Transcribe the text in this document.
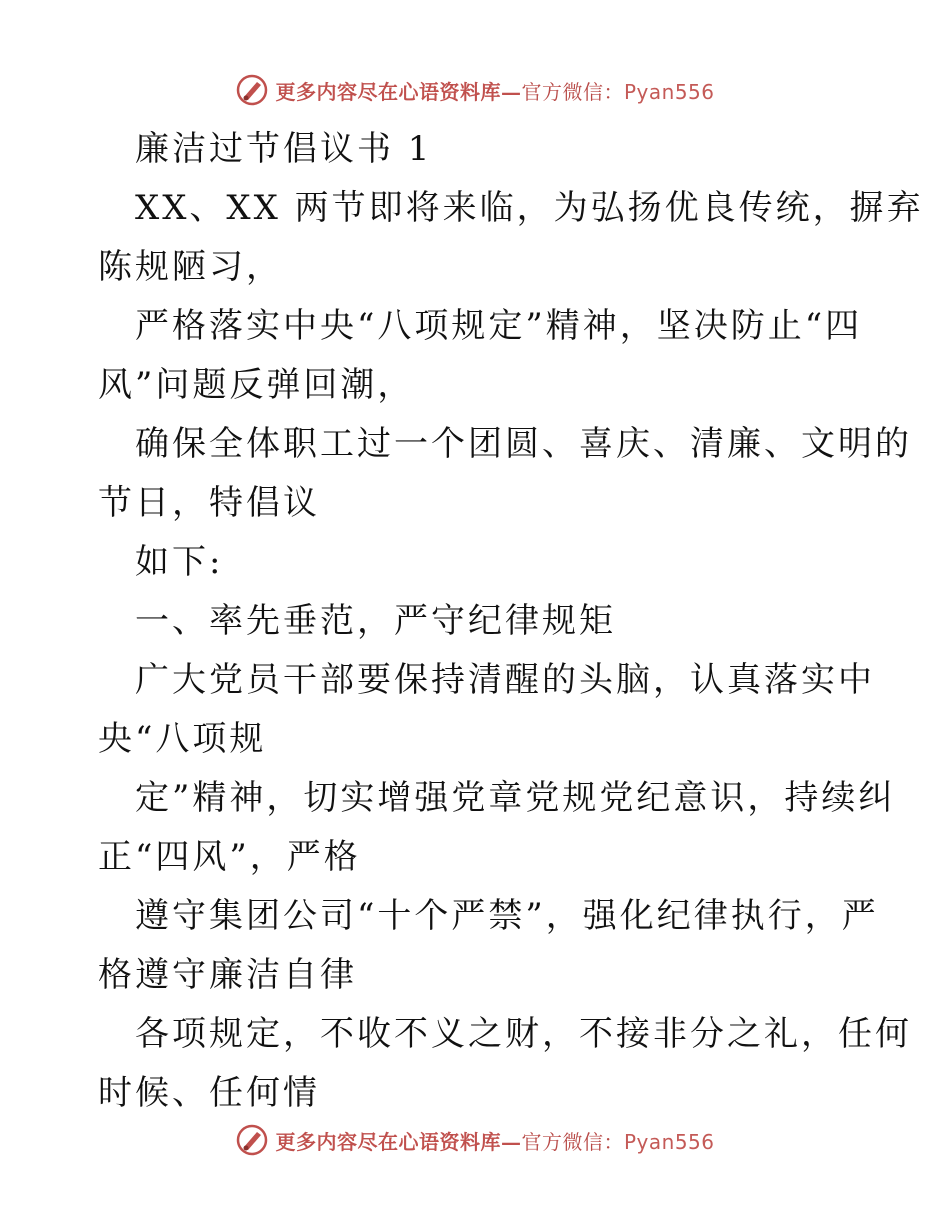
更多内容尽在心语资料库—官方微信：Pyan556
廉洁过节倡议书 1
XX、XX 两节即将来临，为弘扬优良传统，摒弃
陈规陋习，
严格落实中央“八项规定”精神，坚决防止“四
风”问题反弹回潮，
确保全体职工过一个团圆、喜庆、清廉、文明的
节日，特倡议
如下:
一、率先垂范，严守纪律规矩
广大党员干部要保持清醒的头脑，认真落实中
央“八项规
定”精神，切实增强党章党规党纪意识，持续纠
正“四风”，严格
遵守集团公司“十个严禁”，强化纪律执行，严
格遵守廉洁自律
各项规定，不收不义之财，不接非分之礼，任何
时候、任何情
更多内容尽在心语资料库—官方微信：Pyan556
